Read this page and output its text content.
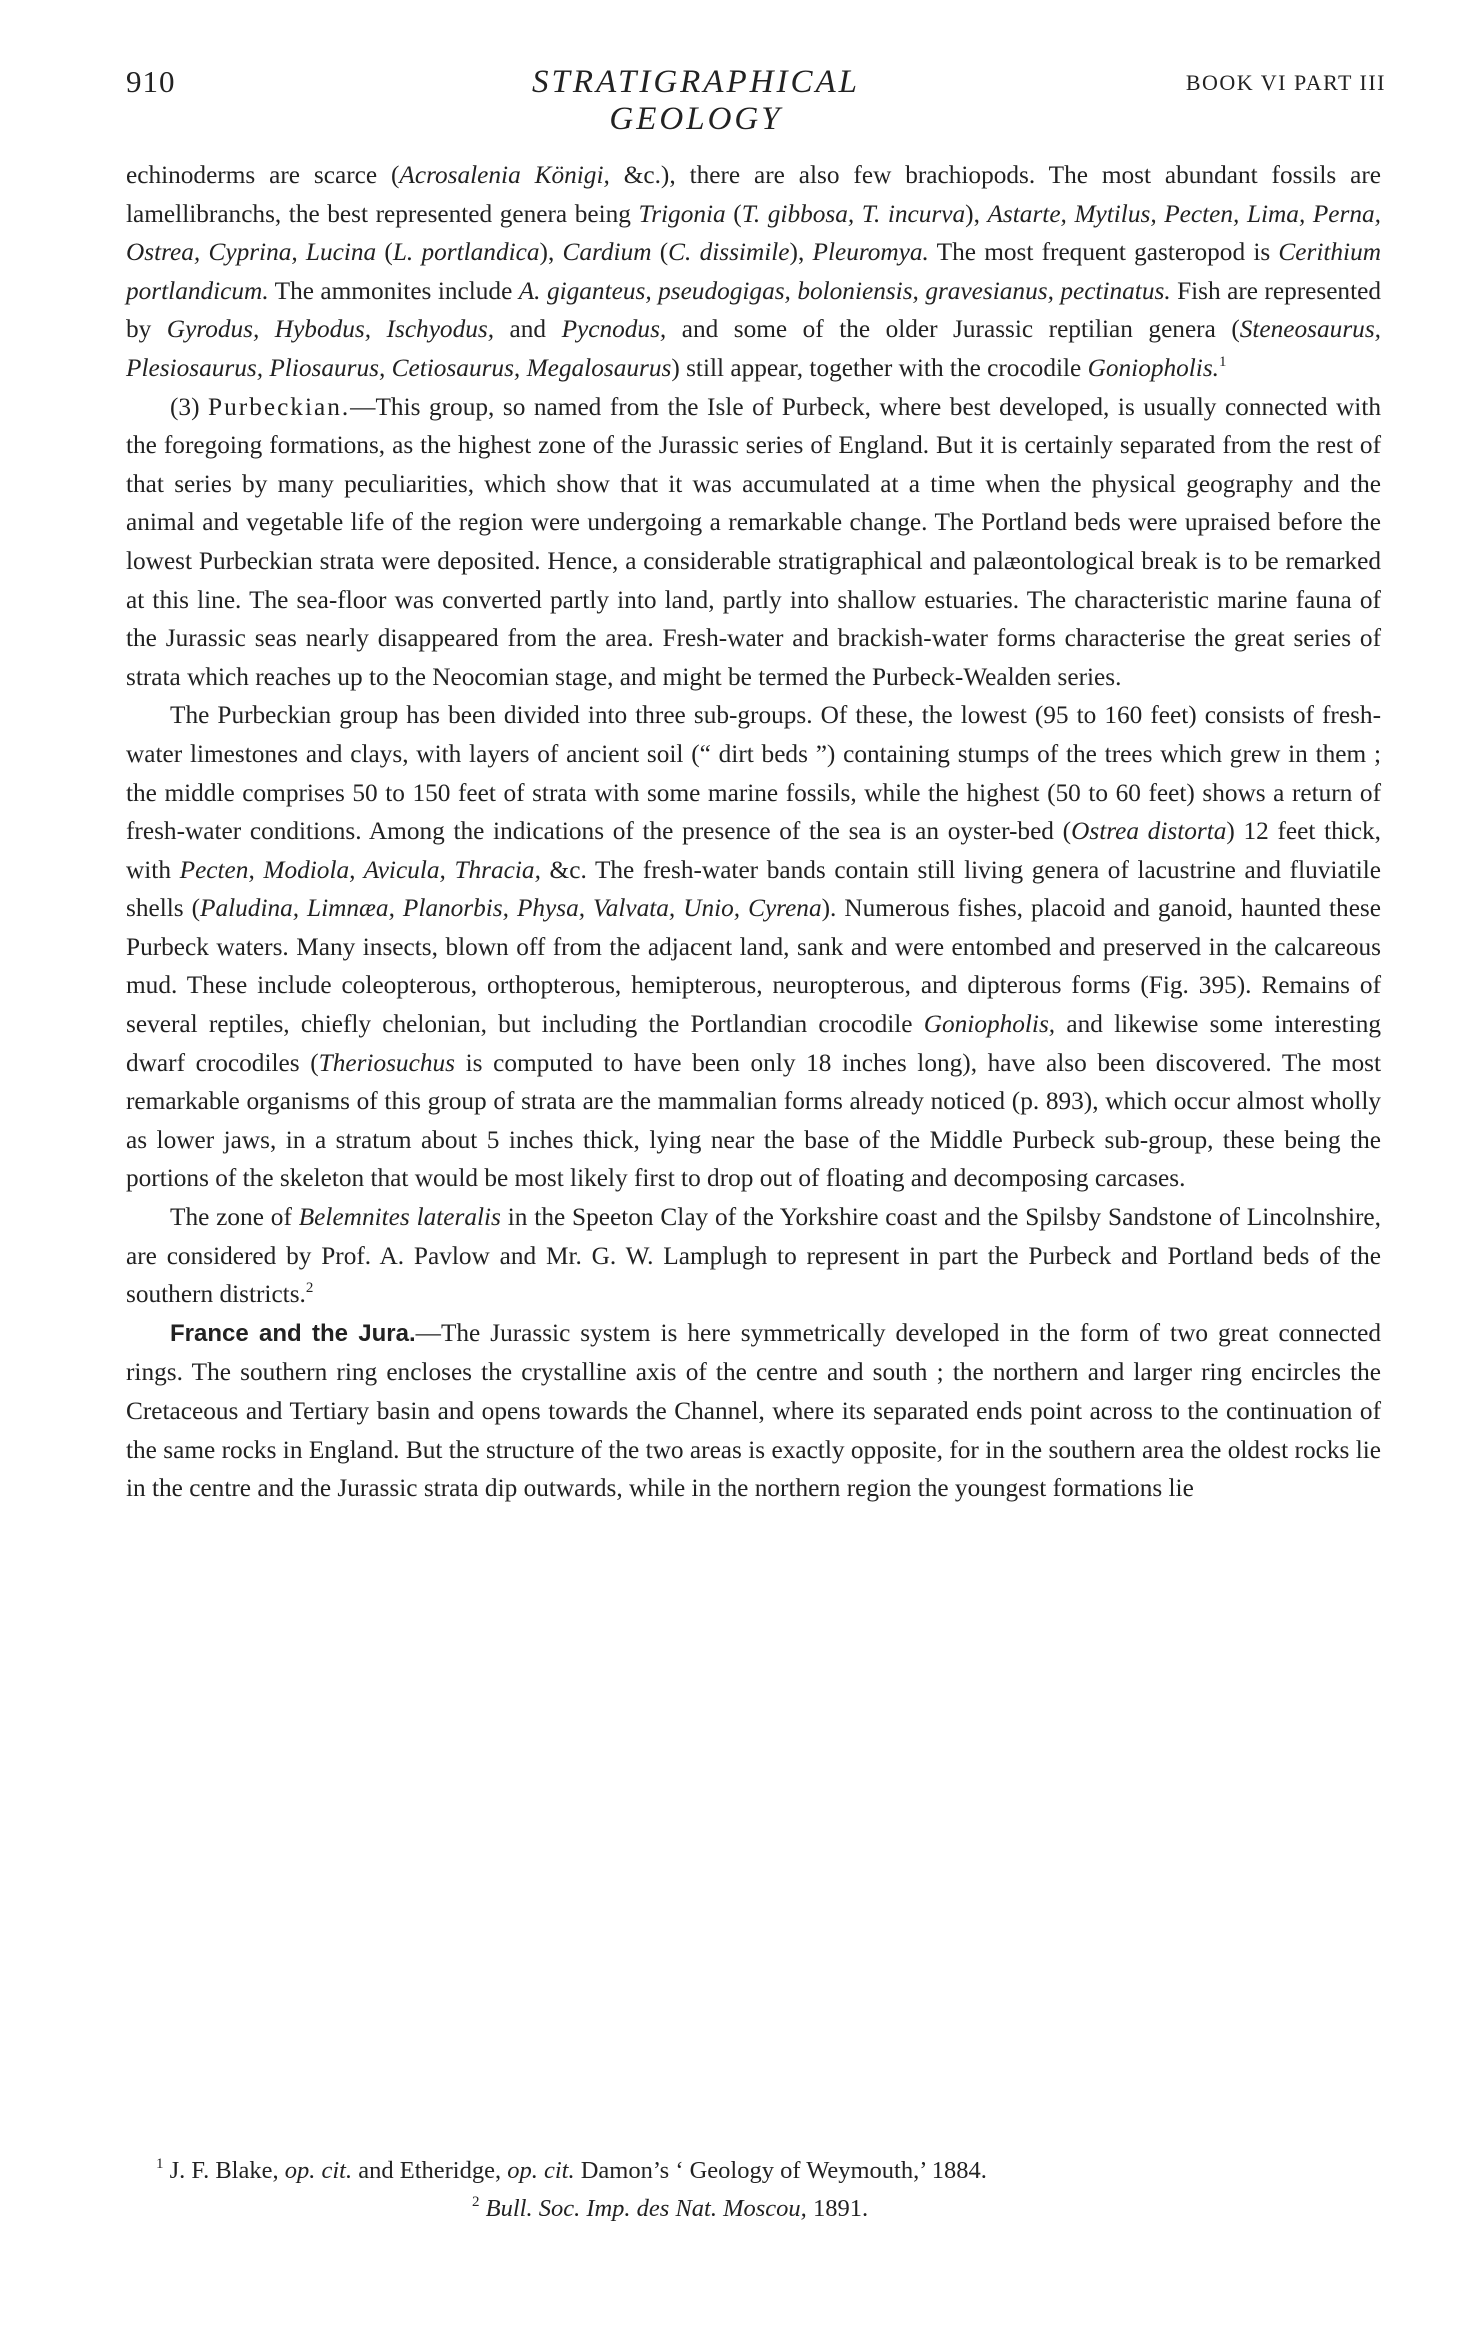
910	STRATIGRAPHICAL GEOLOGY
BOOK VI PART III

echinoderms are scarce (Acrosalenia Königi, &c.), there are also few brachiopods. The most abundant fossils are lamellibranchs, the best represented genera being Trigonia (T. gibbosa, T. incurva), Astarte, Mytilus, Pecten, Lima, Perna, Ostrea, Cyprina, Lucina (L. portlandica), Cardium (C. dissimile), Pleuromya. The most frequent gasteropod is Cerithium portlandicum. The ammonites include A. giganteus, pseudogigas, boloniensis, gravesianus, pectinatus. Fish are represented by Gyrodus, Hybodus, Ischyodus, and Pycnodus, and some of the older Jurassic reptilian genera (Steneosaurus, Plesiosaurus, Pliosaurus, Cetiosaurus, Megalosaurus) still appear, together with the crocodile Goniopholis.$^1$

(3) Purbeckian.—This group, so named from the Isle of Purbeck, where best developed, is usually connected with the foregoing formations, as the highest zone of the Jurassic series of England. But it is certainly separated from the rest of that series by many peculiarities, which show that it was accumulated at a time when the physical geography and the animal and vegetable life of the region were undergoing a remarkable change. The Portland beds were upraised before the lowest Purbeckian strata were deposited. Hence, a considerable stratigraphical and palæontological break is to be remarked at this line. The sea-floor was converted partly into land, partly into shallow estuaries. The characteristic marine fauna of the Jurassic seas nearly disappeared from the area. Fresh-water and brackish-water forms characterise the great series of strata which reaches up to the Neocomian stage, and might be termed the Purbeck-Wealden series.

The Purbeckian group has been divided into three sub-groups. Of these, the lowest (95 to 160 feet) consists of fresh-water limestones and clays, with layers of ancient soil (“ dirt beds ”) containing stumps of the trees which grew in them ; the middle comprises 50 to 150 feet of strata with some marine fossils, while the highest (50 to 60 feet) shows a return of fresh-water conditions. Among the indications of the presence of the sea is an oyster-bed (Ostrea distorta) 12 feet thick, with Pecten, Modiola, Avicula, Thracia, &c. The fresh-water bands contain still living genera of lacustrine and fluviatile shells (Paludina, Limnæa, Planorbis, Physa, Valvata, Unio, Cyrena). Numerous fishes, placoid and ganoid, haunted these Purbeck waters. Many insects, blown off from the adjacent land, sank and were entombed and preserved in the calcareous mud. These include coleopterous, orthopterous, hemipterous, neuropterous, and dipterous forms (Fig. 395). Remains of several reptiles, chiefly chelonian, but including the Portlandian crocodile Goniopholis, and likewise some interesting dwarf crocodiles (Theriosuchus is computed to have been only 18 inches long), have also been discovered. The most remarkable organisms of this group of strata are the mammalian forms already noticed (p. 893), which occur almost wholly as lower jaws, in a stratum about 5 inches thick, lying near the base of the Middle Purbeck sub-group, these being the portions of the skeleton that would be most likely first to drop out of floating and decomposing carcases.

The zone of Belemnites lateralis in the Speeton Clay of the Yorkshire coast and the Spilsby Sandstone of Lincolnshire, are considered by Prof. A. Pavlow and Mr. G. W. Lamplugh to represent in part the Purbeck and Portland beds of the southern districts.$^2$

France and the Jura.—The Jurassic system is here symmetrically developed in the form of two great connected rings. The southern ring encloses the crystalline axis of the centre and south ; the northern and larger ring encircles the Cretaceous and Tertiary basin and opens towards the Channel, where its separated ends point across to the continuation of the same rocks in England. But the structure of the two areas is exactly opposite, for in the southern area the oldest rocks lie in the centre and the Jurassic strata dip outwards, while in the northern region the youngest formations lie

$^1$ J. F. Blake, op. cit. and Etheridge, op. cit. Damon’s ‘ Geology of Weymouth,’ 1884.
$^2$ Bull. Soc. Imp. des Nat. Moscou, 1891.
